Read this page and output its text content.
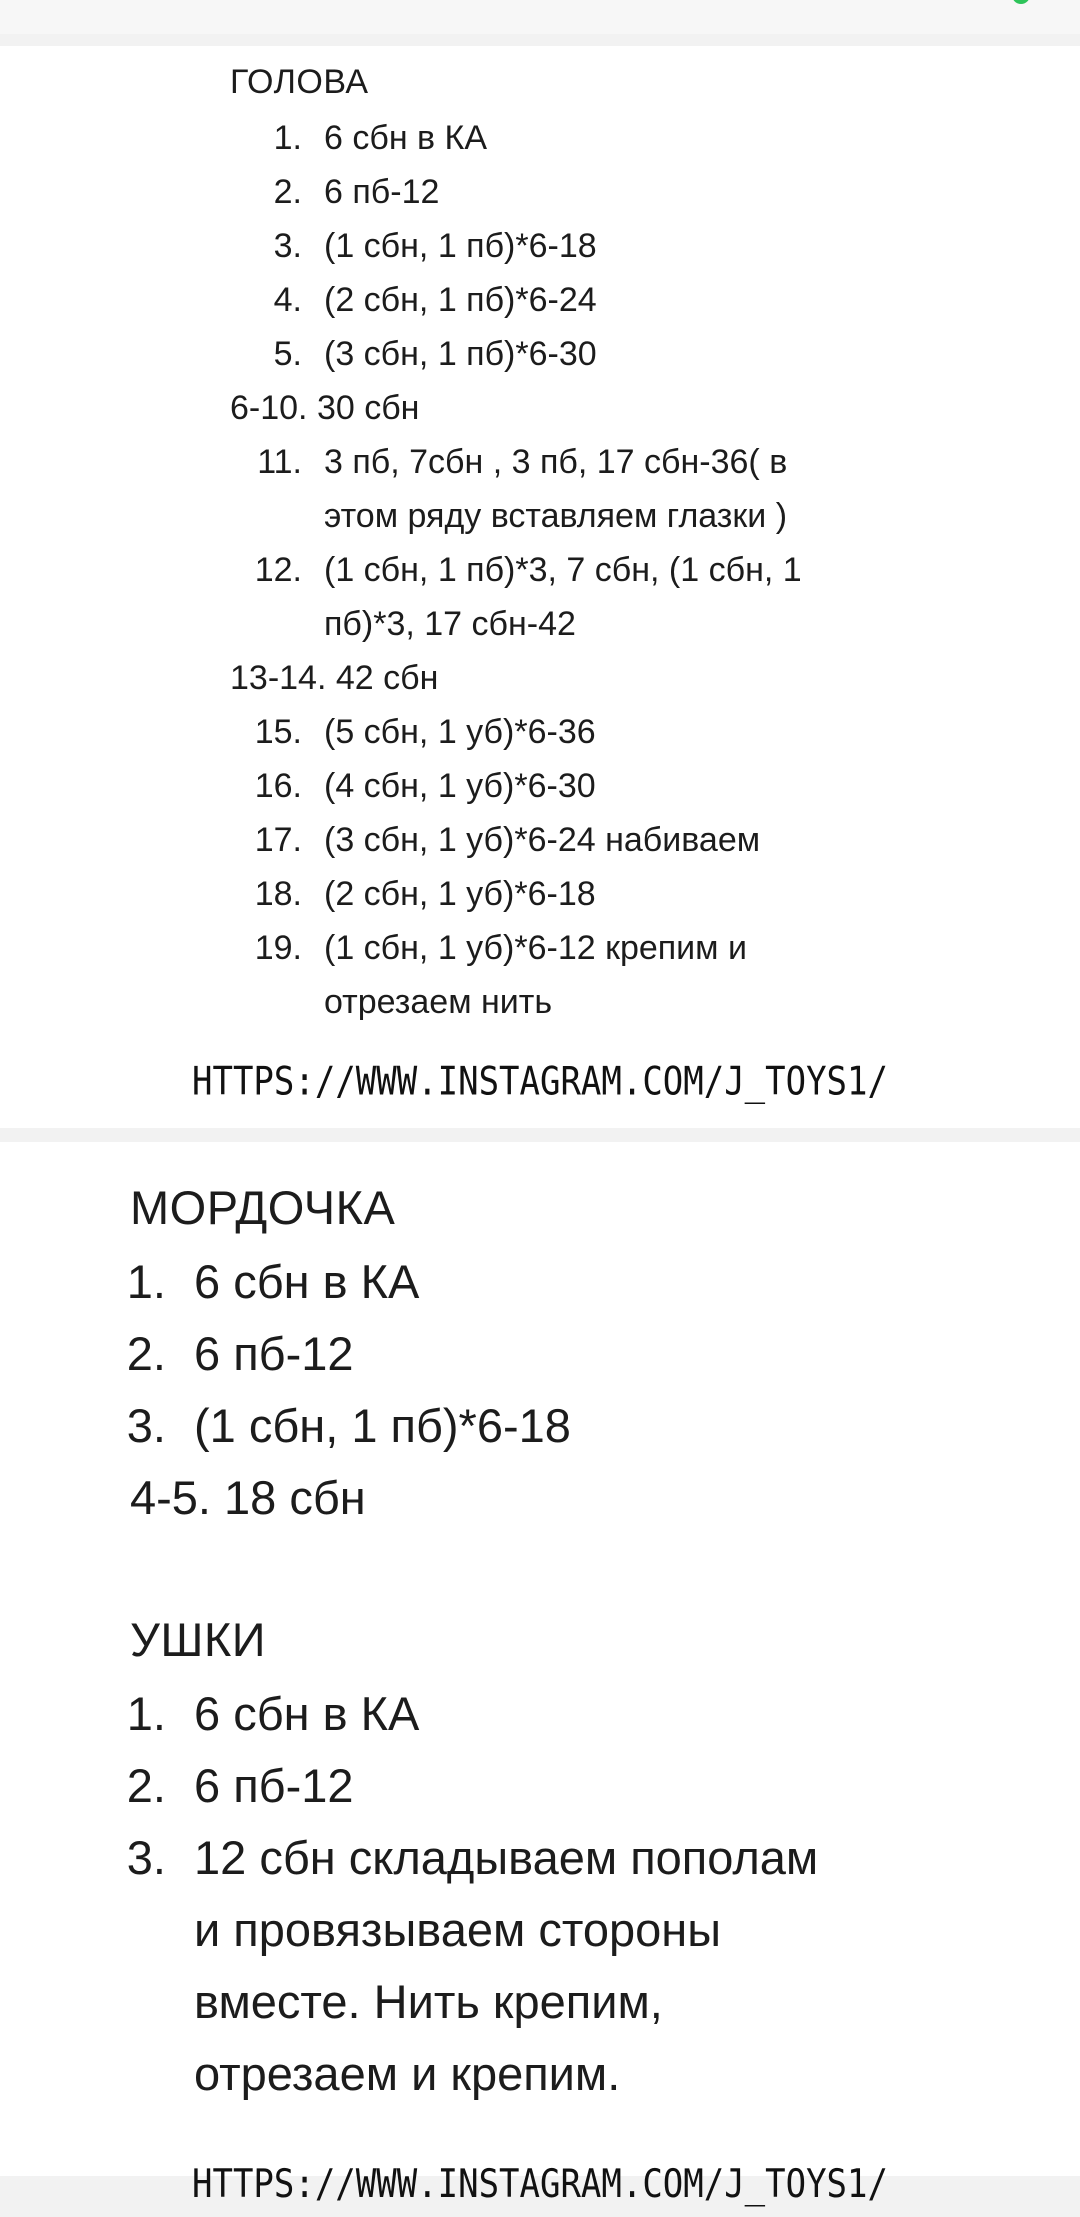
ГОЛОВА
1. 6 сбн в КА
2. 6 пб-12
3. (1 сбн, 1 пб)*6-18
4. (2 сбн, 1 пб)*6-24
5. (3 сбн, 1 пб)*6-30
6-10. 30 сбн
11. 3 пб, 7сбн , 3 пб, 17 сбн-36( в
этом ряду вставляем глазки )
12. (1 сбн, 1 пб)*3, 7 сбн, (1 сбн, 1
пб)*3, 17 сбн-42
13-14. 42 сбн
15. (5 сбн, 1 уб)*6-36
16. (4 сбн, 1 уб)*6-30
17. (3 сбн, 1 уб)*6-24 набиваем
18. (2 сбн, 1 уб)*6-18
19. (1 сбн, 1 уб)*6-12 крепим и
отрезаем нить
HTTPS://WWW.INSTAGRAM.COM/J_TOYS1/
МОРДОЧКА
1. 6 сбн в КА
2. 6 пб-12
3. (1 сбн, 1 пб)*6-18
4-5. 18 сбн
УШКИ
1. 6 сбн в КА
2. 6 пб-12
3. 12 сбн складываем пополам
и провязываем стороны
вместе. Нить крепим,
отрезаем и крепим.
HTTPS://WWW.INSTAGRAM.COM/J_TOYS1/
